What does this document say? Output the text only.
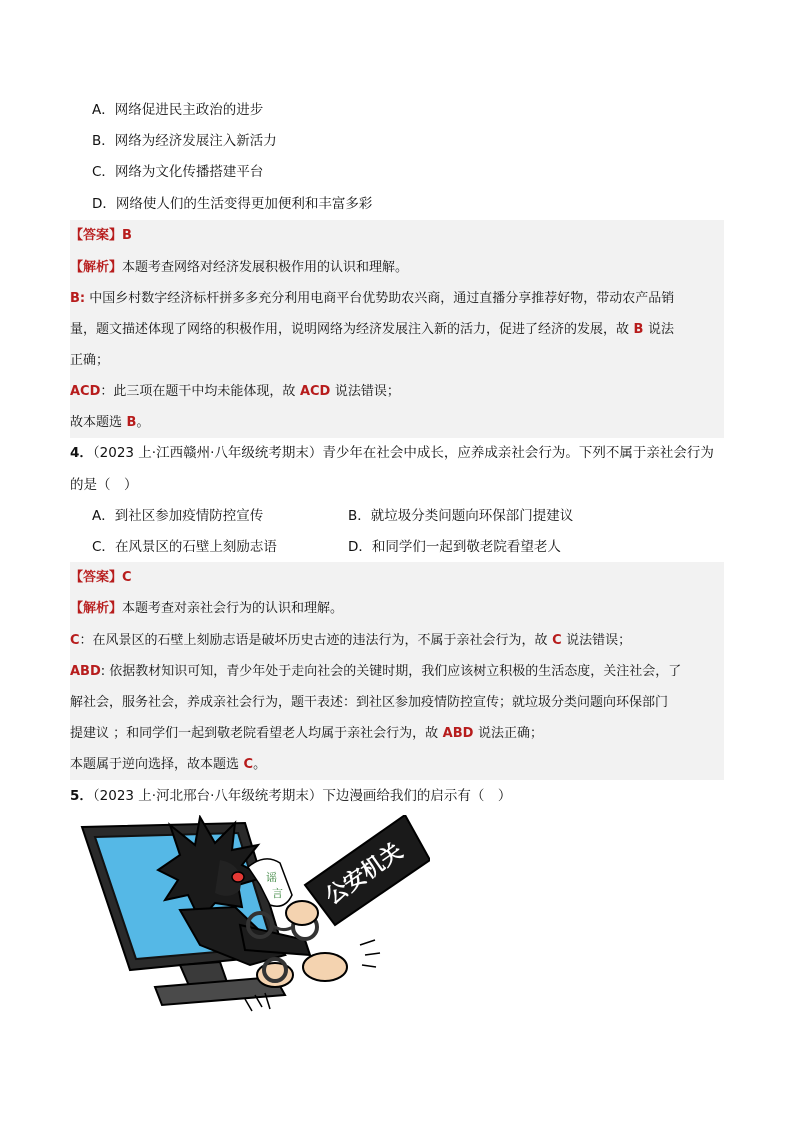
A．网络促进民主政治的进步
B．网络为经济发展注入新活力
C．网络为文化传播搭建平台
D．网络使人们的生活变得更加便利和丰富多彩
【答案】B
【解析】本题考查网络对经济发展积极作用的认识和理解。
B: 中国乡村数字经济标杆拼多多充分利用电商平台优势助农兴商，通过直播分享推荐好物，带动农产品销
量，题文描述体现了网络的积极作用，说明网络为经济发展注入新的活力，促进了经济的发展，故 B 说法
正确；
ACD：此三项在题干中均未能体现，故 ACD 说法错误；
故本题选 B。
4．（2023 上·江西赣州·八年级统考期末）青少年在社会中成长，应养成亲社会行为。下列不属于亲社会行为
的是（　）
A．到社区参加疫情防控宣传	B．就垃圾分类问题向环保部门提建议
C．在风景区的石壁上刻励志语	D．和同学们一起到敬老院看望老人
【答案】C
【解析】本题考查对亲社会行为的认识和理解。
C：在风景区的石壁上刻励志语是破坏历史古迹的违法行为，不属于亲社会行为，故 C 说法错误；
ABD: 依据教材知识可知，青少年处于走向社会的关键时期，我们应该树立积极的生活态度，关注社会，了
解社会，服务社会，养成亲社会行为，题干表述：到社区参加疫情防控宣传；就垃圾分类问题向环保部门
提建议 ；和同学们一起到敬老院看望老人均属于亲社会行为，故 ABD 说法正确；
本题属于逆向选择，故本题选 C。
5．（2023 上·河北邢台·八年级统考期末）下边漫画给我们的启示有（　）
公安机关
谣
言
